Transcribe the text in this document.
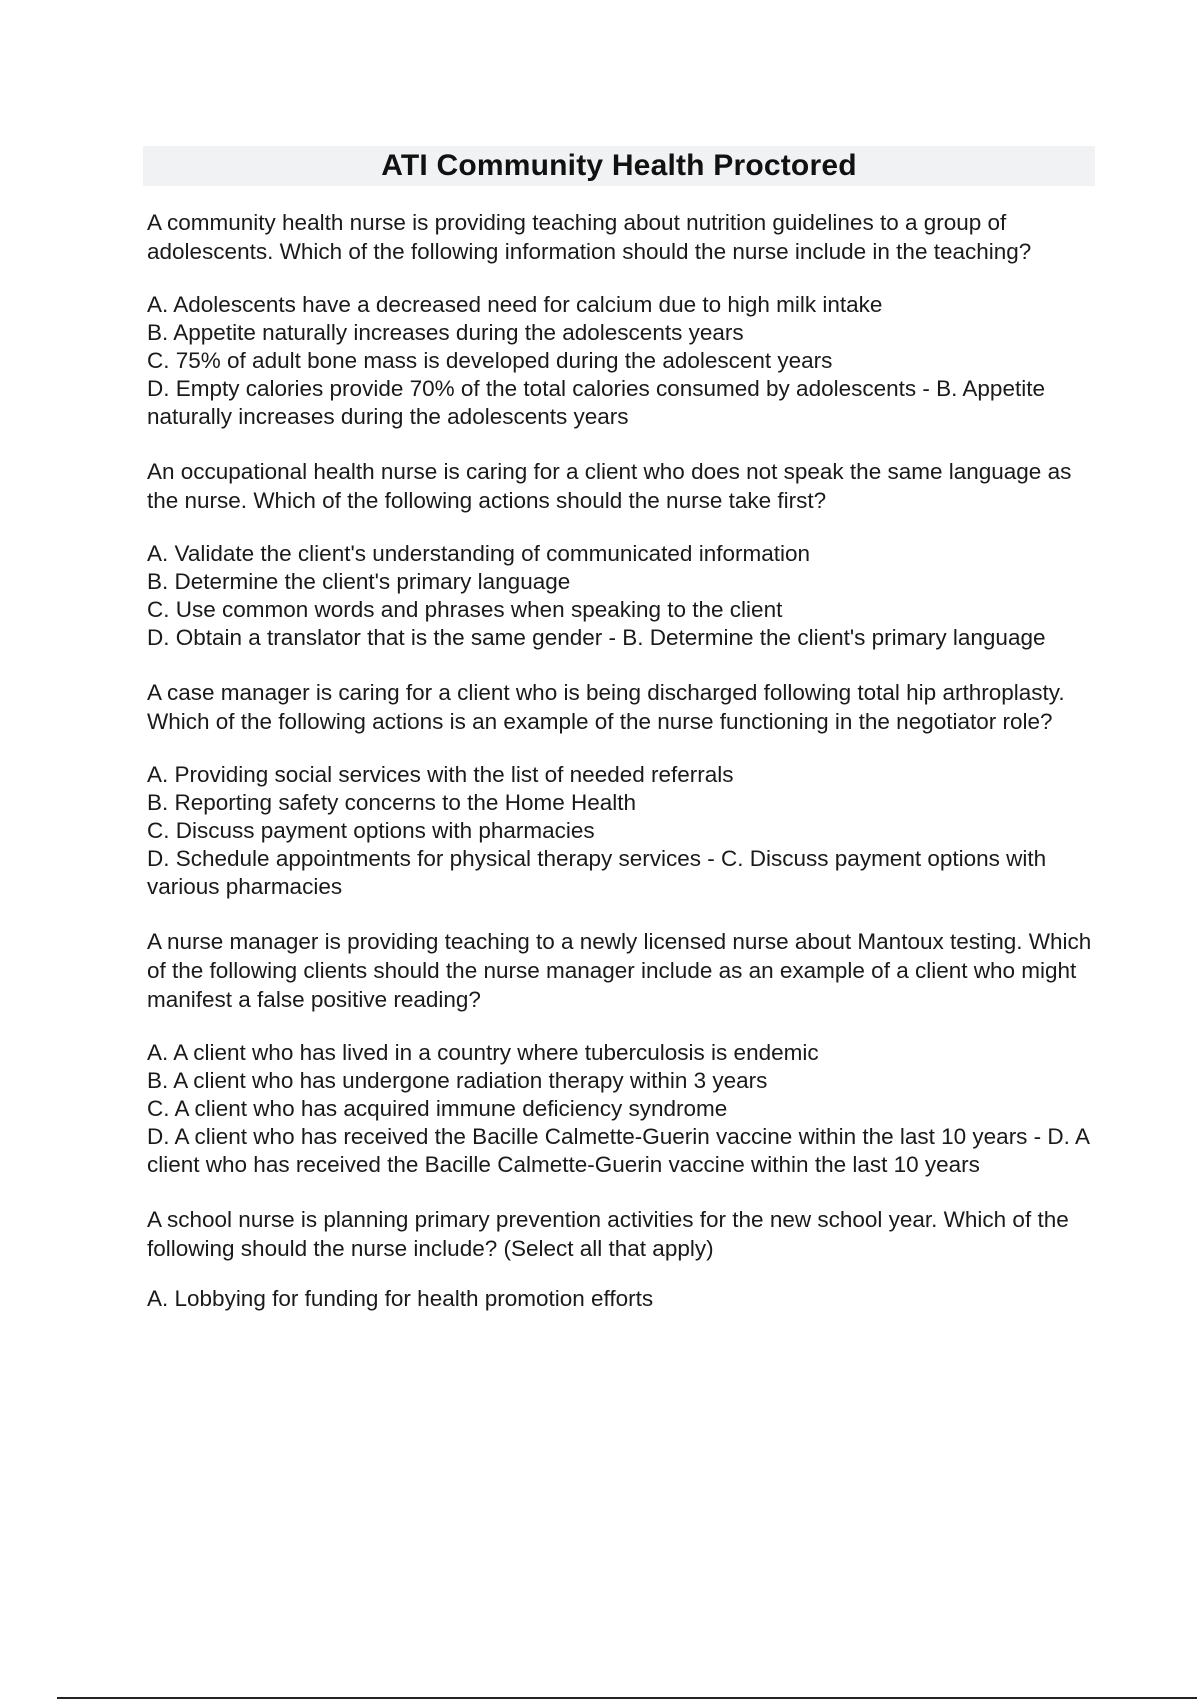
ATI Community Health Proctored

A community health nurse is providing teaching about nutrition guidelines to a group of adolescents. Which of the following information should the nurse include in the teaching?

A. Adolescents have a decreased need for calcium due to high milk intake
B. Appetite naturally increases during the adolescents years
C. 75% of adult bone mass is developed during the adolescent years
D. Empty calories provide 70% of the total calories consumed by adolescents - B. Appetite naturally increases during the adolescents years

An occupational health nurse is caring for a client who does not speak the same language as the nurse. Which of the following actions should the nurse take first?

A. Validate the client's understanding of communicated information
B. Determine the client's primary language
C. Use common words and phrases when speaking to the client
D. Obtain a translator that is the same gender - B. Determine the client's primary language

A case manager is caring for a client who is being discharged following total hip arthroplasty. Which of the following actions is an example of the nurse functioning in the negotiator role?

A. Providing social services with the list of needed referrals
B. Reporting safety concerns to the Home Health
C. Discuss payment options with pharmacies
D. Schedule appointments for physical therapy services - C. Discuss payment options with various pharmacies

A nurse manager is providing teaching to a newly licensed nurse about Mantoux testing. Which of the following clients should the nurse manager include as an example of a client who might manifest a false positive reading?

A. A client who has lived in a country where tuberculosis is endemic
B. A client who has undergone radiation therapy within 3 years
C. A client who has acquired immune deficiency syndrome
D. A client who has received the Bacille Calmette-Guerin vaccine within the last 10 years - D. A client who has received the Bacille Calmette-Guerin vaccine within the last 10 years

A school nurse is planning primary prevention activities for the new school year. Which of the following should the nurse include? (Select all that apply)

A. Lobbying for funding for health promotion efforts
